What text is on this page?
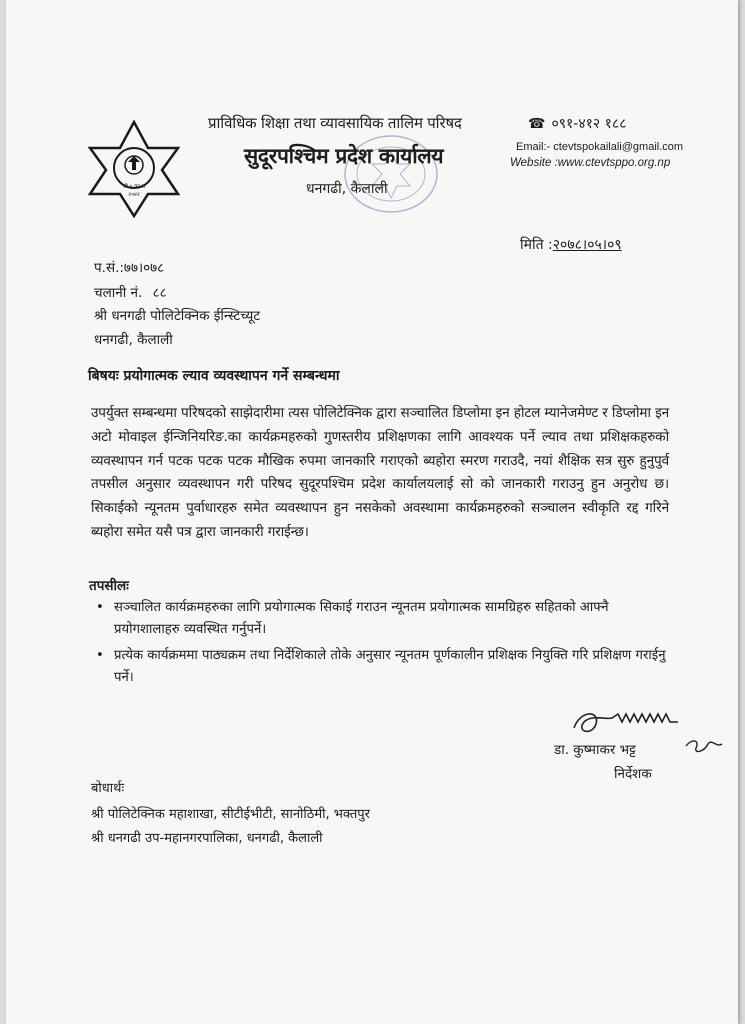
श्री ५ का स
२०४२
प्राविधिक शिक्षा तथा व्यावसायिक तालिम परिषद
सुदूरपश्चिम प्रदेश कार्यालय
धनगढी, कैलाली
☎ ०९१-४१२ १८८
Email:- ctevtspokailali@gmail.com
Website :www.ctevtsppo.org.np
मिति :२०७८।०५।०९
प.सं.:७७।०७८
चलानी नं. ८८
श्री धनगढी पोलिटेक्निक ईन्स्टिच्यूट
धनगढी, कैलाली
बिषयः प्रयोगात्मक ल्याव व्यवस्थापन गर्ने सम्बन्धमा
उपर्युक्त सम्बन्धमा परिषदको साझेदारीमा त्यस पोलिटेक्निक द्वारा सञ्चालित डिप्लोमा इन होटल म्यानेजमेण्ट र डिप्लोमा इन अटो मोवाइल ईन्जिनियरिङ.का कार्यक्रमहरुको गुणस्तरीय प्रशिक्षणका लागि आवश्यक पर्ने ल्याव तथा प्रशिक्षकहरुको व्यवस्थापन गर्न पटक पटक पटक मौखिक रुपमा जानकारि गराएको ब्यहोरा स्मरण गराउदै, नयां शैक्षिक सत्र सुरु हुनुपुर्व तपसील अनुसार व्यवस्थापन गरी परिषद सुदूरपश्चिम प्रदेश कार्यालयलाई सो को जानकारी गराउनु हुन अनुरोध छ। सिकाईको न्यूनतम पुर्वाधारहरु समेत व्यवस्थापन हुन नसकेको अवस्थामा कार्यक्रमहरुको सञ्चालन स्वीकृति रद्द गरिने ब्यहोरा समेत यसै पत्र द्वारा जानकारी गराईन्छ।
तपसीलः
• सञ्चालित कार्यक्रमहरुका लागि प्रयोगात्मक सिकाई गराउन न्यूनतम प्रयोगात्मक सामग्रिहरु सहितको आफ्नै प्रयोगशालाहरु व्यवस्थित गर्नुपर्ने।
• प्रत्येक कार्यक्रममा पाठ्यक्रम तथा निर्देशिकाले तोके अनुसार न्यूनतम पूर्णकालीन प्रशिक्षक नियुक्ति गरि प्रशिक्षण गराईनु पर्ने।
डा. कुष्माकर भट्ट
निर्देशक
बोधार्थः
श्री पोलिटेक्निक महाशाखा, सीटीईभीटी, सानोठिमी, भक्तपुर
श्री धनगढी उप-महानगरपालिका, धनगढी, कैलाली
